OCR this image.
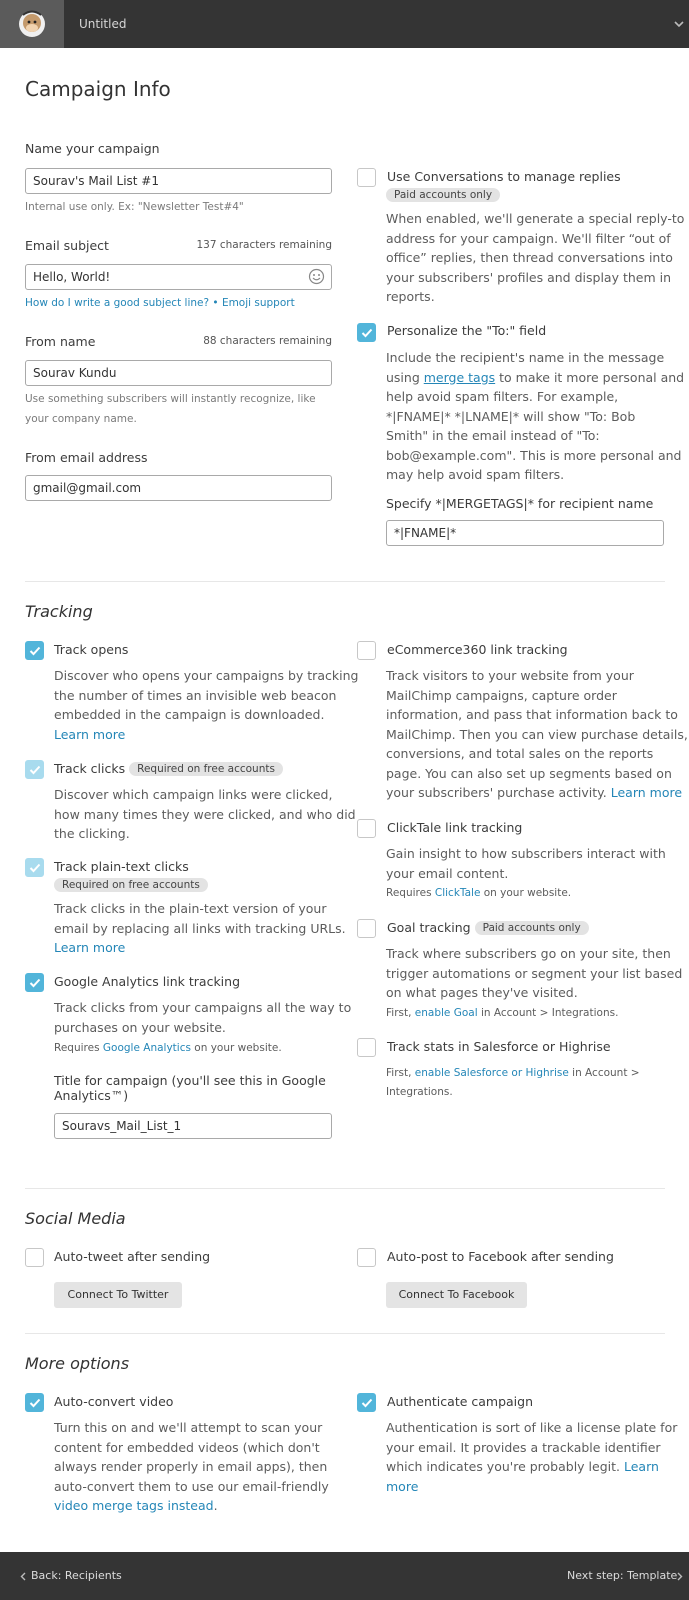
Untitled
Campaign Info
Name your campaign
Sourav's Mail List #1
Internal use only. Ex: "Newsletter Test#4"
Email subject	137 characters remaining
Hello, World!
How do I write a good subject line? • Emoji support
From name	88 characters remaining
Sourav Kundu
Use something subscribers will instantly recognize, like
your company name.
From email address
gmail@gmail.com
Use Conversations to manage replies
Paid accounts only
When enabled, we'll generate a special reply-to
address for your campaign. We'll filter “out of
office” replies, then thread conversations into
your subscribers' profiles and display them in
reports.
Personalize the "To:" field
Include the recipient's name in the message
using merge tags to make it more personal and
help avoid spam filters. For example,
*|FNAME|* *|LNAME|* will show "To: Bob
Smith" in the email instead of "To:
bob@example.com". This is more personal and
may help avoid spam filters.
Specify *|MERGETAGS|* for recipient name
*|FNAME|*
Tracking
Track opens
Discover who opens your campaigns by tracking
the number of times an invisible web beacon
embedded in the campaign is downloaded.
Learn more
Track clicks Required on free accounts
Discover which campaign links were clicked,
how many times they were clicked, and who did
the clicking.
Track plain-text clicks
Required on free accounts
Track clicks in the plain-text version of your
email by replacing all links with tracking URLs.
Learn more
Google Analytics link tracking
Track clicks from your campaigns all the way to
purchases on your website.
Requires Google Analytics on your website.
Title for campaign (you'll see this in Google
Analytics™)
Souravs_Mail_List_1
eCommerce360 link tracking
Track visitors to your website from your
MailChimp campaigns, capture order
information, and pass that information back to
MailChimp. Then you can view purchase details,
conversions, and total sales on the reports
page. You can also set up segments based on
your subscribers' purchase activity. Learn more
ClickTale link tracking
Gain insight to how subscribers interact with
your email content.
Requires ClickTale on your website.
Goal tracking Paid accounts only
Track where subscribers go on your site, then
trigger automations or segment your list based
on what pages they've visited.
First, enable Goal in Account > Integrations.
Track stats in Salesforce or Highrise
First, enable Salesforce or Highrise in Account >
Integrations.
Social Media
Auto-tweet after sending
Connect To Twitter
Auto-post to Facebook after sending
Connect To Facebook
More options
Auto-convert video
Turn this on and we'll attempt to scan your
content for embedded videos (which don't
always render properly in email apps), then
auto-convert them to use our email-friendly
video merge tags instead.
Authenticate campaign
Authentication is sort of like a license plate for
your email. It provides a trackable identifier
which indicates you're probably legit. Learn
more
Back: Recipients	Next step: Template
